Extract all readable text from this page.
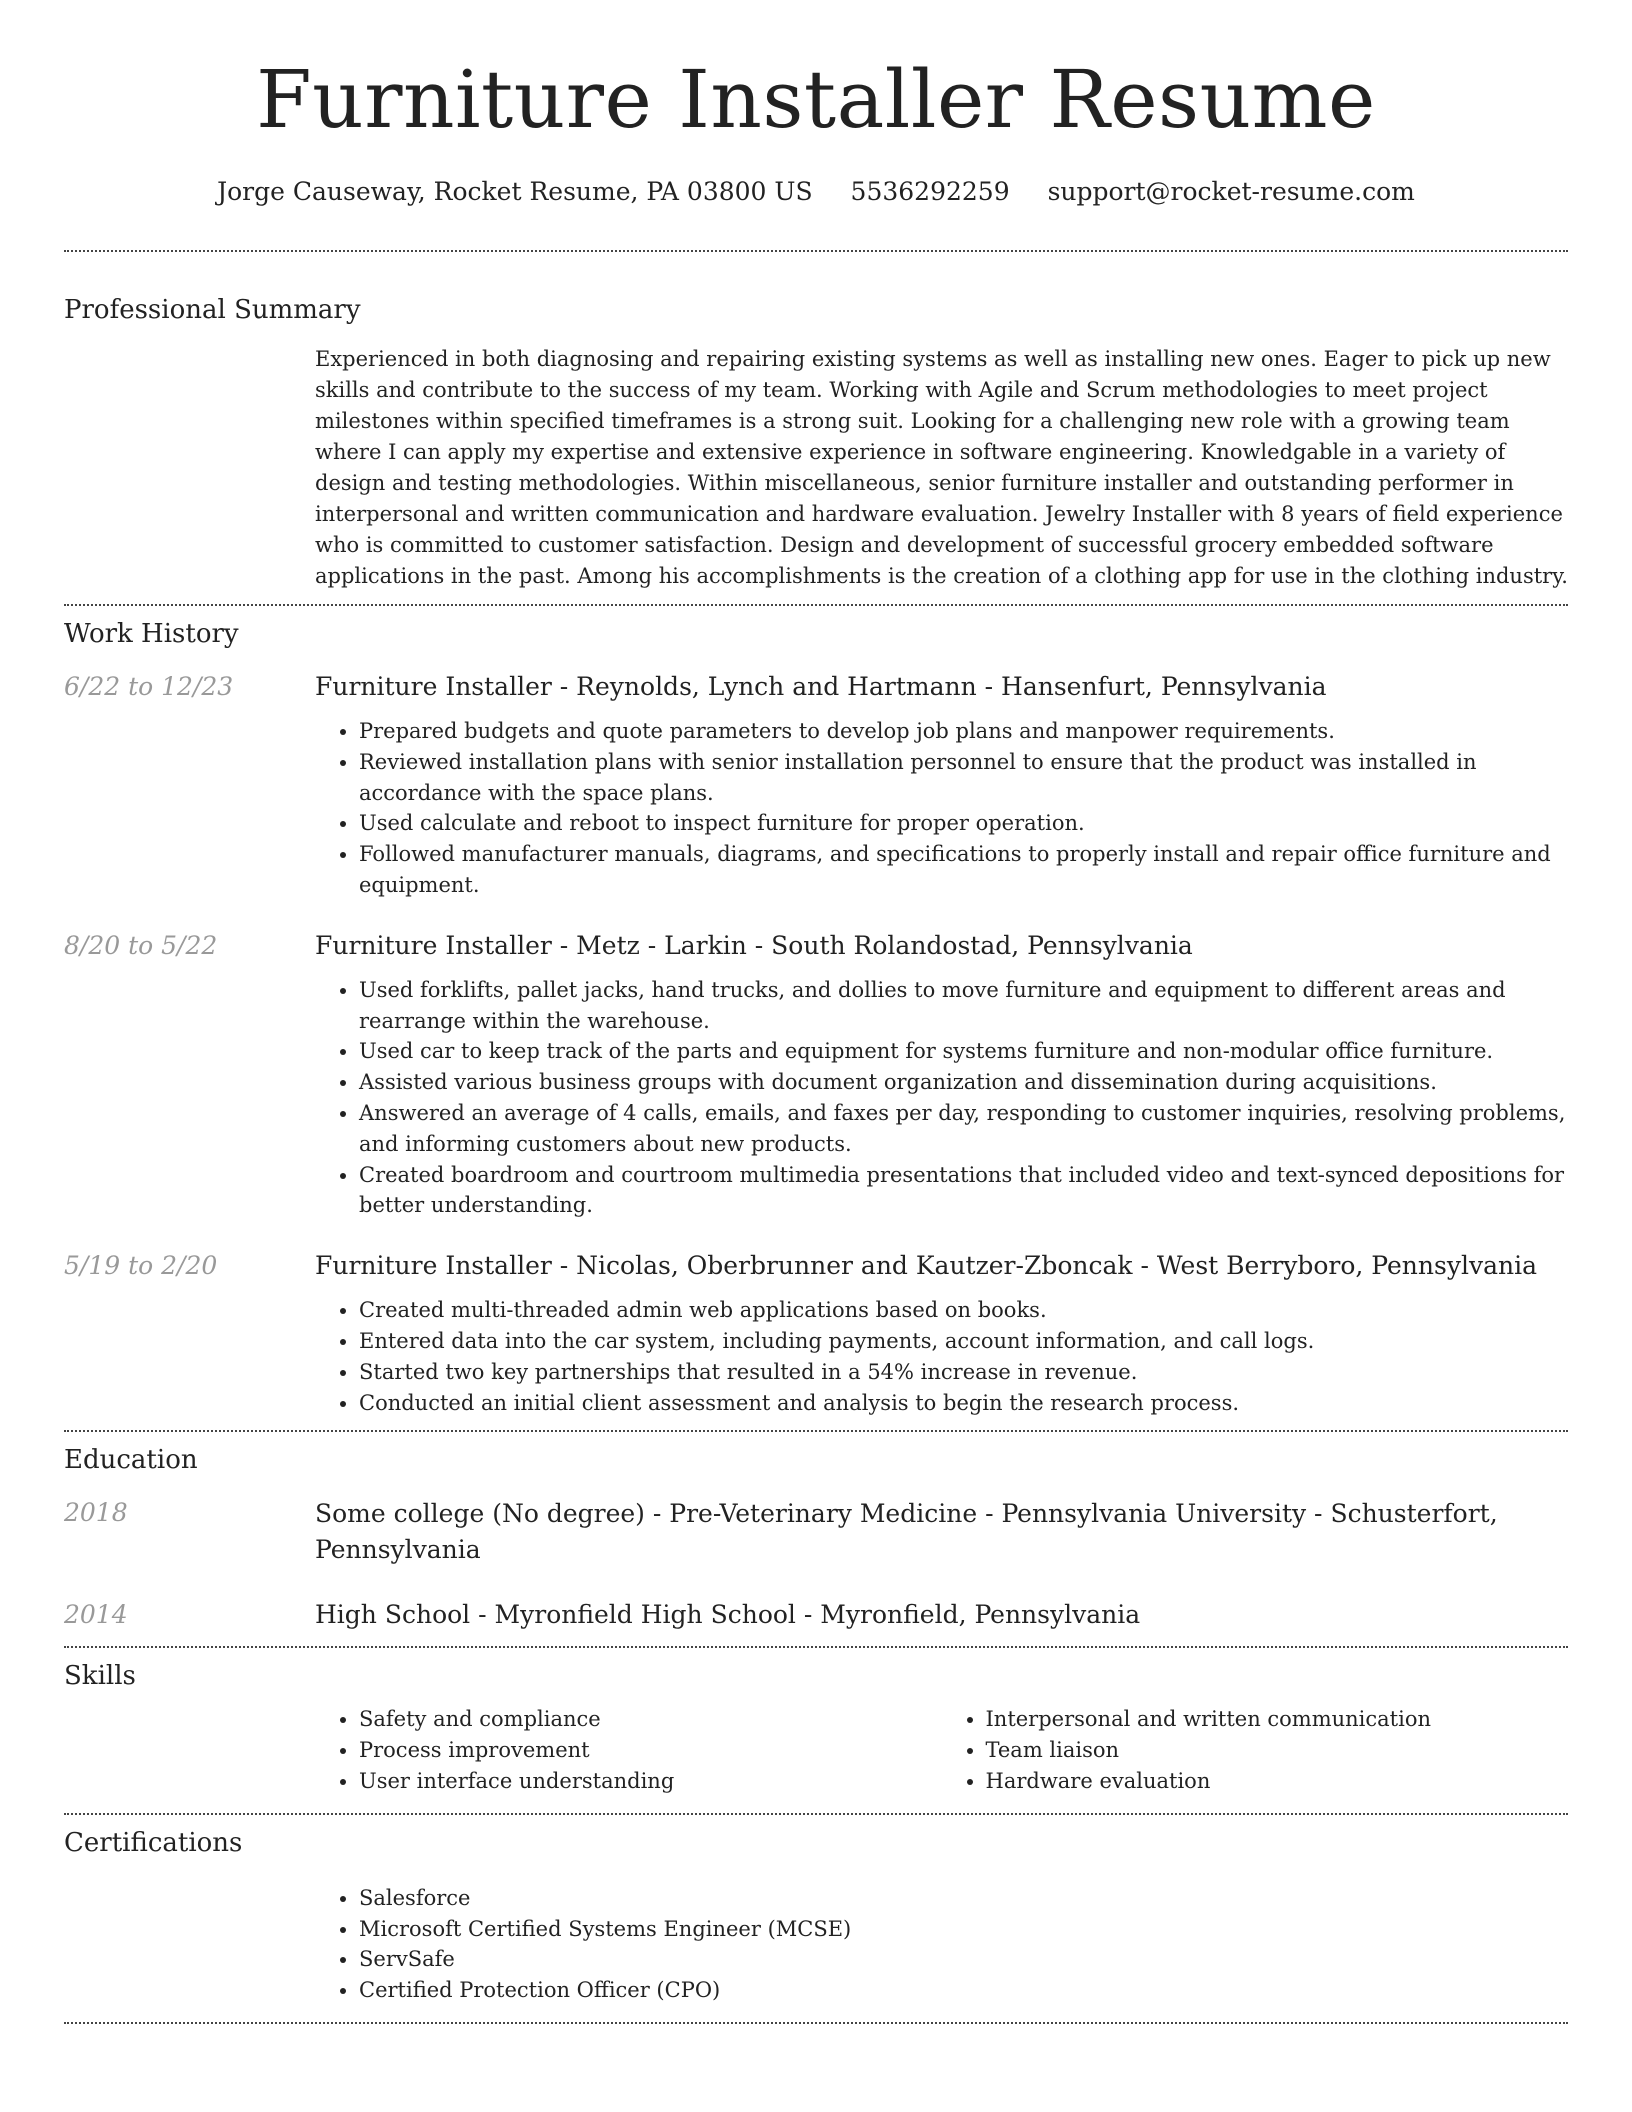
Furniture Installer Resume
Jorge Causeway, Rocket Resume, PA 03800 US 5536292259 support@rocket-resume.com
Professional Summary

Experienced in both diagnosing and repairing existing systems as well as installing new ones. Eager to pick up new skills and contribute to the success of my team. Working with Agile and Scrum methodologies to meet project milestones within specified timeframes is a strong suit. Looking for a challenging new role with a growing team where I can apply my expertise and extensive experience in software engineering. Knowledgable in a variety of design and testing methodologies. Within miscellaneous, senior furniture installer and outstanding performer in interpersonal and written communication and hardware evaluation. Jewelry Installer with 8 years of field experience who is committed to customer satisfaction. Design and development of successful grocery embedded software applications in the past. Among his accomplishments is the creation of a clothing app for use in the clothing industry.

Work History
6/22 to 12/23	Furniture Installer - Reynolds, Lynch and Hartmann - Hansenfurt, Pennsylvania
• Prepared budgets and quote parameters to develop job plans and manpower requirements.
• Reviewed installation plans with senior installation personnel to ensure that the product was installed in accordance with the space plans.
• Used calculate and reboot to inspect furniture for proper operation.
• Followed manufacturer manuals, diagrams, and specifications to properly install and repair office furniture and equipment.
8/20 to 5/22	Furniture Installer - Metz - Larkin - South Rolandostad, Pennsylvania
• Used forklifts, pallet jacks, hand trucks, and dollies to move furniture and equipment to different areas and rearrange within the warehouse.
• Used car to keep track of the parts and equipment for systems furniture and non-modular office furniture.
• Assisted various business groups with document organization and dissemination during acquisitions.
• Answered an average of 4 calls, emails, and faxes per day, responding to customer inquiries, resolving problems, and informing customers about new products.
• Created boardroom and courtroom multimedia presentations that included video and text-synced depositions for better understanding.
5/19 to 2/20	Furniture Installer - Nicolas, Oberbrunner and Kautzer-Zboncak - West Berryboro, Pennsylvania
• Created multi-threaded admin web applications based on books.
• Entered data into the car system, including payments, account information, and call logs.
• Started two key partnerships that resulted in a 54% increase in revenue.
• Conducted an initial client assessment and analysis to begin the research process.
Education
2018	Some college (No degree) - Pre-Veterinary Medicine - Pennsylvania University - Schusterfort, Pennsylvania
2014	High School - Myronfield High School - Myronfield, Pennsylvania
Skills
• Safety and compliance
• Process improvement
• User interface understanding
• Interpersonal and written communication
• Team liaison
• Hardware evaluation
Certifications
• Salesforce
• Microsoft Certified Systems Engineer (MCSE)
• ServSafe
• Certified Protection Officer (CPO)
